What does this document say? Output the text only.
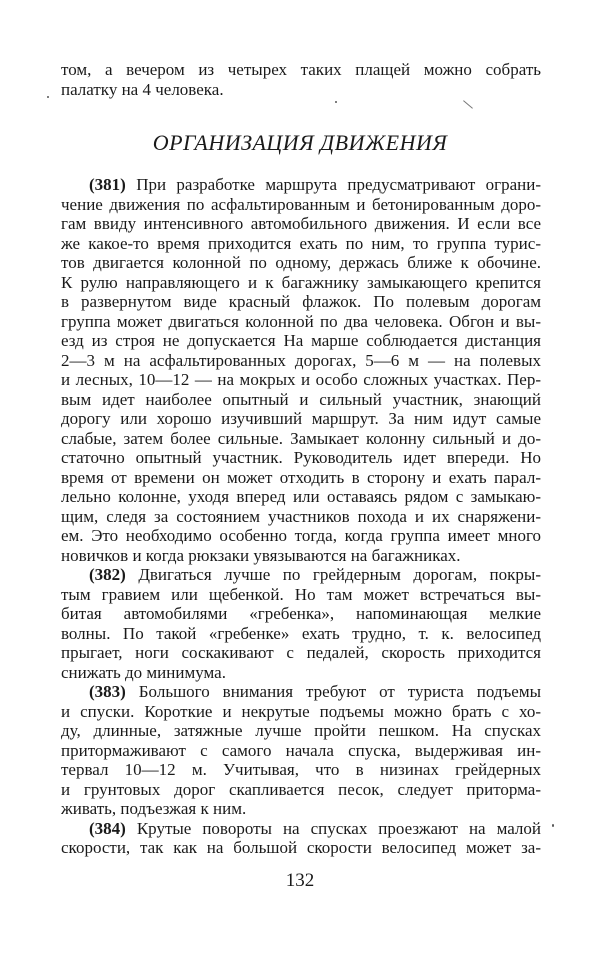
том, а вечером из четырех таких плащей можно собрать
палатку на 4 человека.
ОРГАНИЗАЦИЯ ДВИЖЕНИЯ
(381) При разработке маршрута предусматривают ограни-
чение движения по асфальтированным и бетонированным доро-
гам ввиду интенсивного автомобильного движения. И если все
же какое-то время приходится ехать по ним, то группа турис-
тов двигается колонной по одному, держась ближе к обочине.
К рулю направляющего и к багажнику замыкающего крепится
в развернутом виде красный флажок. По полевым дорогам
группа может двигаться колонной по два человека. Обгон и вы-
езд из строя не допускается На марше соблюдается дистанция
2—3 м на асфальтированных дорогах, 5—6 м — на полевых
и лесных, 10—12 — на мокрых и особо сложных участках. Пер-
вым идет наиболее опытный и сильный участник, знающий
дорогу или хорошо изучивший маршрут. За ним идут самые
слабые, затем более сильные. Замыкает колонну сильный и до-
статочно опытный участник. Руководитель идет впереди. Но
время от времени он может отходить в сторону и ехать парал-
лельно колонне, уходя вперед или оставаясь рядом с замыкаю-
щим, следя за состоянием участников похода и их снаряжени-
ем. Это необходимо особенно тогда, когда группа имеет много
новичков и когда рюкзаки увязываются на багажниках.
(382) Двигаться лучше по грейдерным дорогам, покры-
тым гравием или щебенкой. Но там может встречаться вы-
битая автомобилями «гребенка», напоминающая мелкие
волны. По такой «гребенке» ехать трудно, т. к. велосипед
прыгает, ноги соскакивают с педалей, скорость приходится
снижать до минимума.
(383) Большого внимания требуют от туриста подъемы
и спуски. Короткие и некрутые подъемы можно брать с хо-
ду, длинные, затяжные лучше пройти пешком. На спусках
притормаживают с самого начала спуска, выдерживая ин-
тервал 10—12 м. Учитывая, что в низинах грейдерных
и грунтовых дорог скапливается песок, следует приторма-
живать, подъезжая к ним.
(384) Крутые повороты на спусках проезжают на малой
скорости, так как на большой скорости велосипед может за-
132
